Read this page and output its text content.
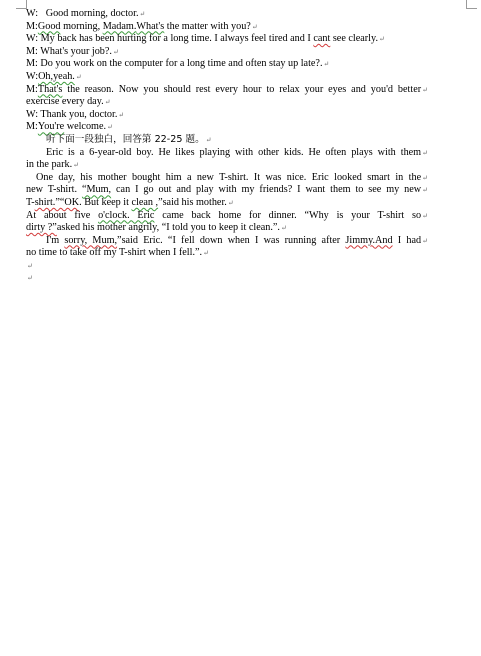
W:   Good morning, doctor.↵
M:Good morning, Madam.What's the matter with you?↵
W: My back has been hurting for a long time. I always feel tired and I cant see clearly.↵
M: What's your job?.↵
M: Do you work on the computer for a long time and often stay up late?.↵
W:Oh,yeah.↵
M:That's the reason. Now you should rest every hour to relax your eyes and you'd better↵
exercise every day.↵
W: Thank you, doctor.↵
M:You're welcome.↵
听下面一段独白，回答第 22-25 题。↵
Eric is a 6-year-old boy. He likes playing with other kids. He often plays with them↵
in the park.↵
One day, his mother bought him a new T-shirt. It was nice. Eric looked smart in the↵
new T-shirt. “Mum, can I go out and play with my friends? I want them to see my new↵
T-shirt.”“OK. But keep it clean ,”said his mother.↵
At about five o'clock. Eric came back home for dinner. “Why is your T-shirt so↵
dirty ?”asked his mother angrily, “I told you to keep it clean.”.↵
I'm sorry, Mum,”said Eric. “I fell down when I was running after Jimmy.And I had↵
no time to take off my T-shirt when I fell.”.↵
↵
↵
